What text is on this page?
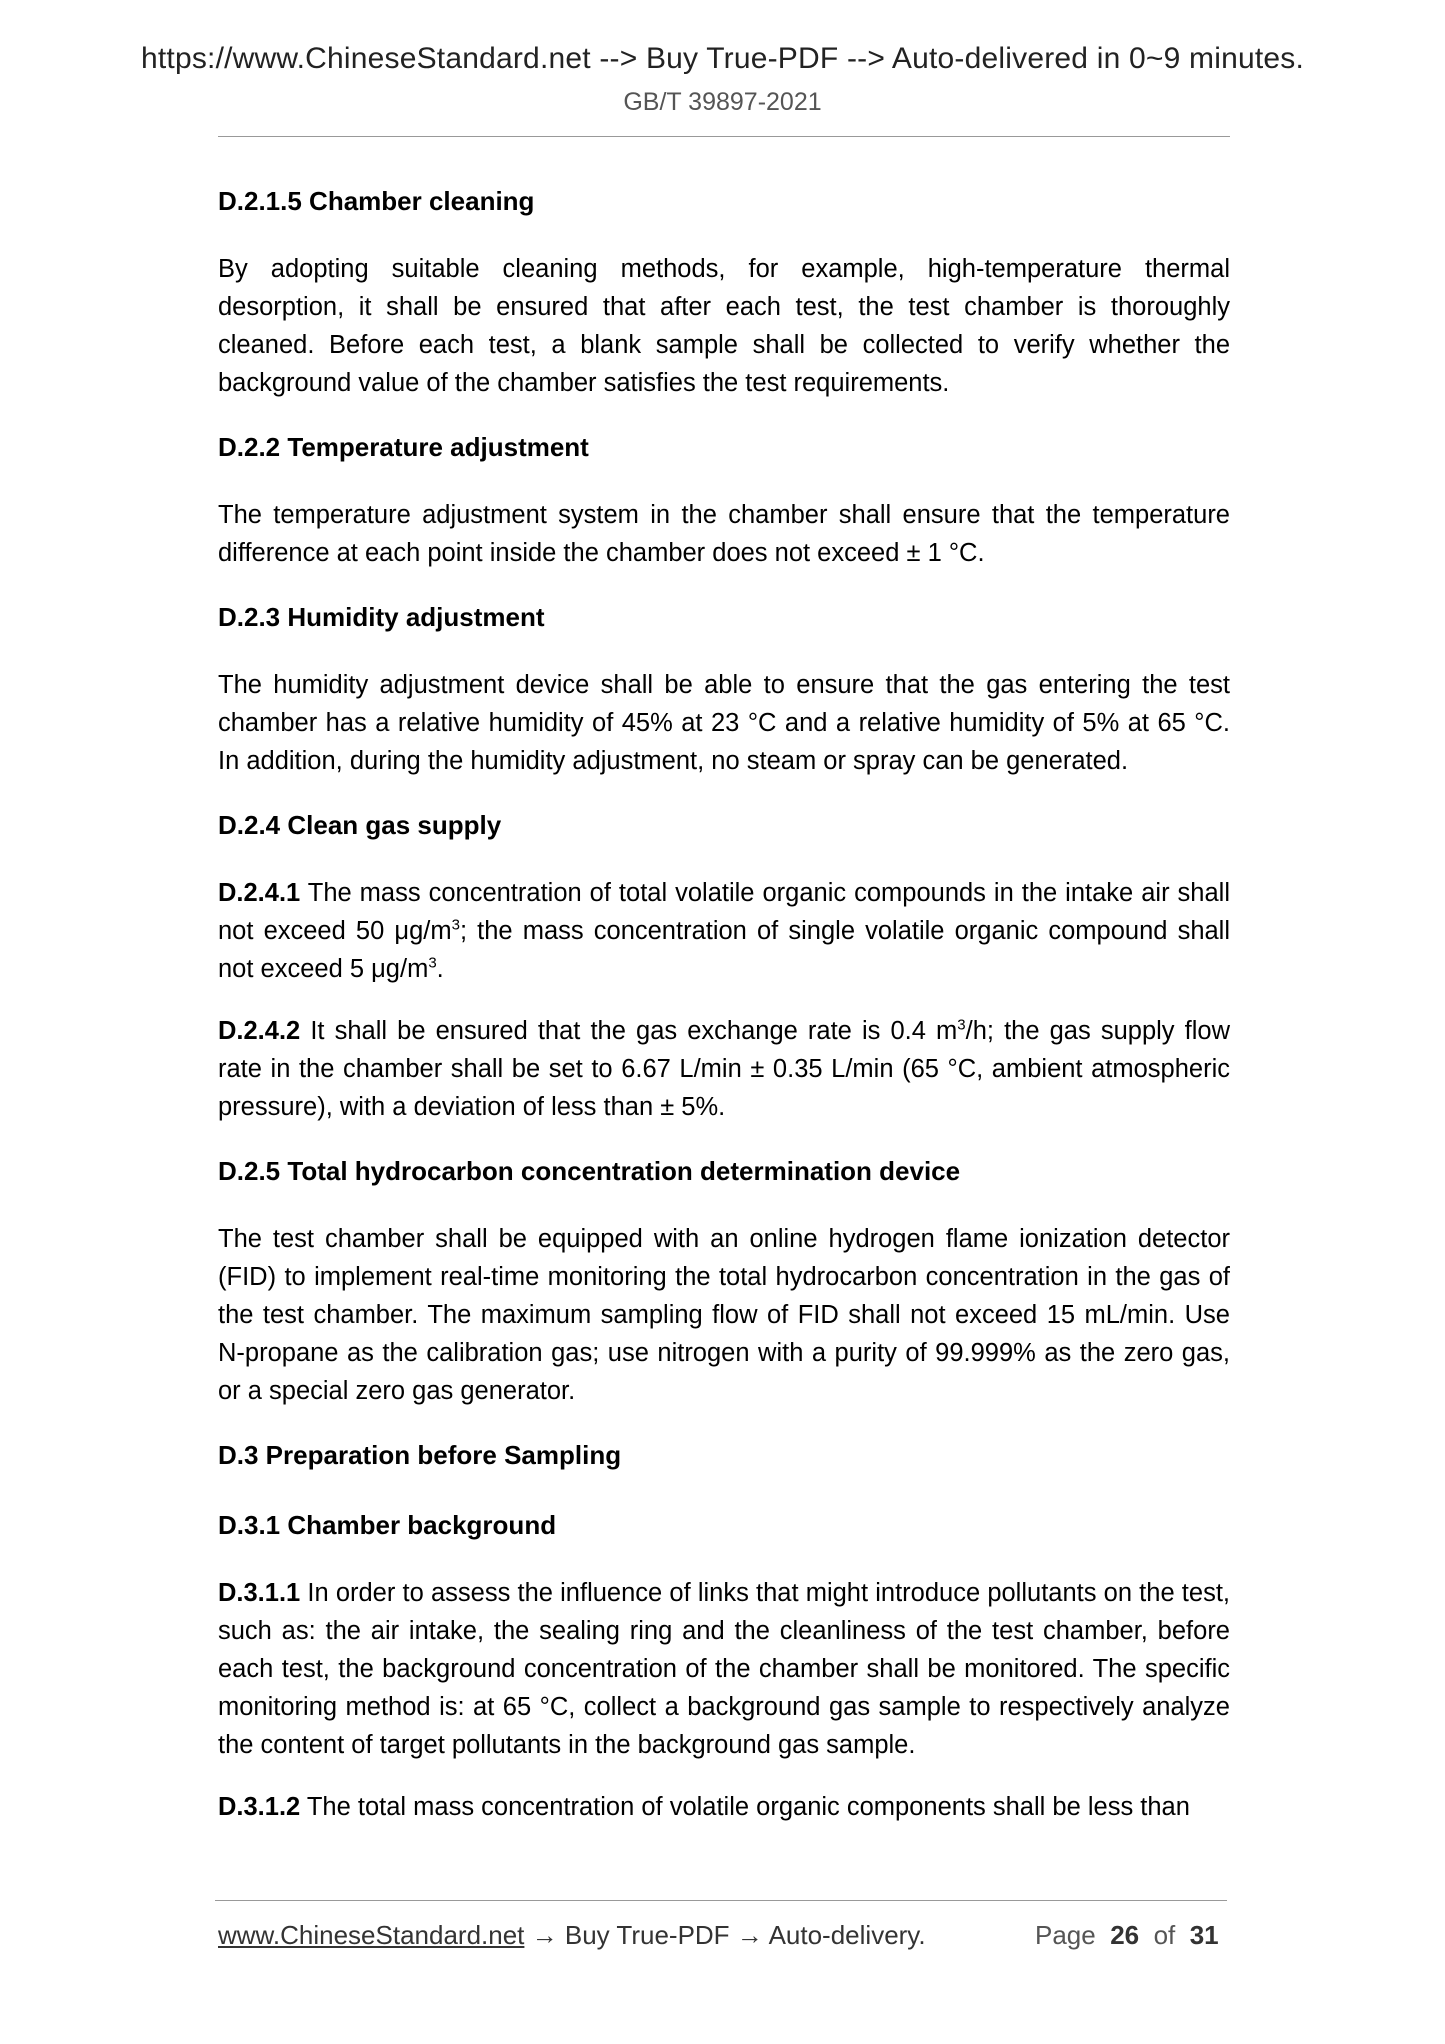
https://www.ChineseStandard.net --> Buy True-PDF --> Auto-delivered in 0~9 minutes.
GB/T 39897-2021
D.2.1.5 Chamber cleaning

By adopting suitable cleaning methods, for example, high-temperature thermal desorption, it shall be ensured that after each test, the test chamber is thoroughly cleaned. Before each test, a blank sample shall be collected to verify whether the background value of the chamber satisfies the test requirements.

D.2.2 Temperature adjustment

The temperature adjustment system in the chamber shall ensure that the temperature difference at each point inside the chamber does not exceed ± 1 °C.

D.2.3 Humidity adjustment

The humidity adjustment device shall be able to ensure that the gas entering the test chamber has a relative humidity of 45% at 23 °C and a relative humidity of 5% at 65 °C. In addition, during the humidity adjustment, no steam or spray can be generated.

D.2.4 Clean gas supply

D.2.4.1 The mass concentration of total volatile organic compounds in the intake air shall not exceed 50 $\mu g/m^3$; the mass concentration of single volatile organic compound shall not exceed 5 $\mu g/m^3$.

D.2.4.2 It shall be ensured that the gas exchange rate is 0.4 $m^3/h$; the gas supply flow rate in the chamber shall be set to 6.67 L/min ± 0.35 L/min (65 °C, ambient atmospheric pressure), with a deviation of less than ± 5%.

D.2.5 Total hydrocarbon concentration determination device

The test chamber shall be equipped with an online hydrogen flame ionization detector (FID) to implement real-time monitoring the total hydrocarbon concentration in the gas of the test chamber. The maximum sampling flow of FID shall not exceed 15 mL/min. Use N-propane as the calibration gas; use nitrogen with a purity of 99.999% as the zero gas, or a special zero gas generator.

D.3 Preparation before Sampling
D.3.1 Chamber background

D.3.1.1 In order to assess the influence of links that might introduce pollutants on the test, such as: the air intake, the sealing ring and the cleanliness of the test chamber, before each test, the background concentration of the chamber shall be monitored. The specific monitoring method is: at 65 °C, collect a background gas sample to respectively analyze the content of target pollutants in the background gas sample.

D.3.1.2 The total mass concentration of volatile organic components shall be less than

www.ChineseStandard.net → Buy True-PDF → Auto-delivery.	Page 26 of 31
